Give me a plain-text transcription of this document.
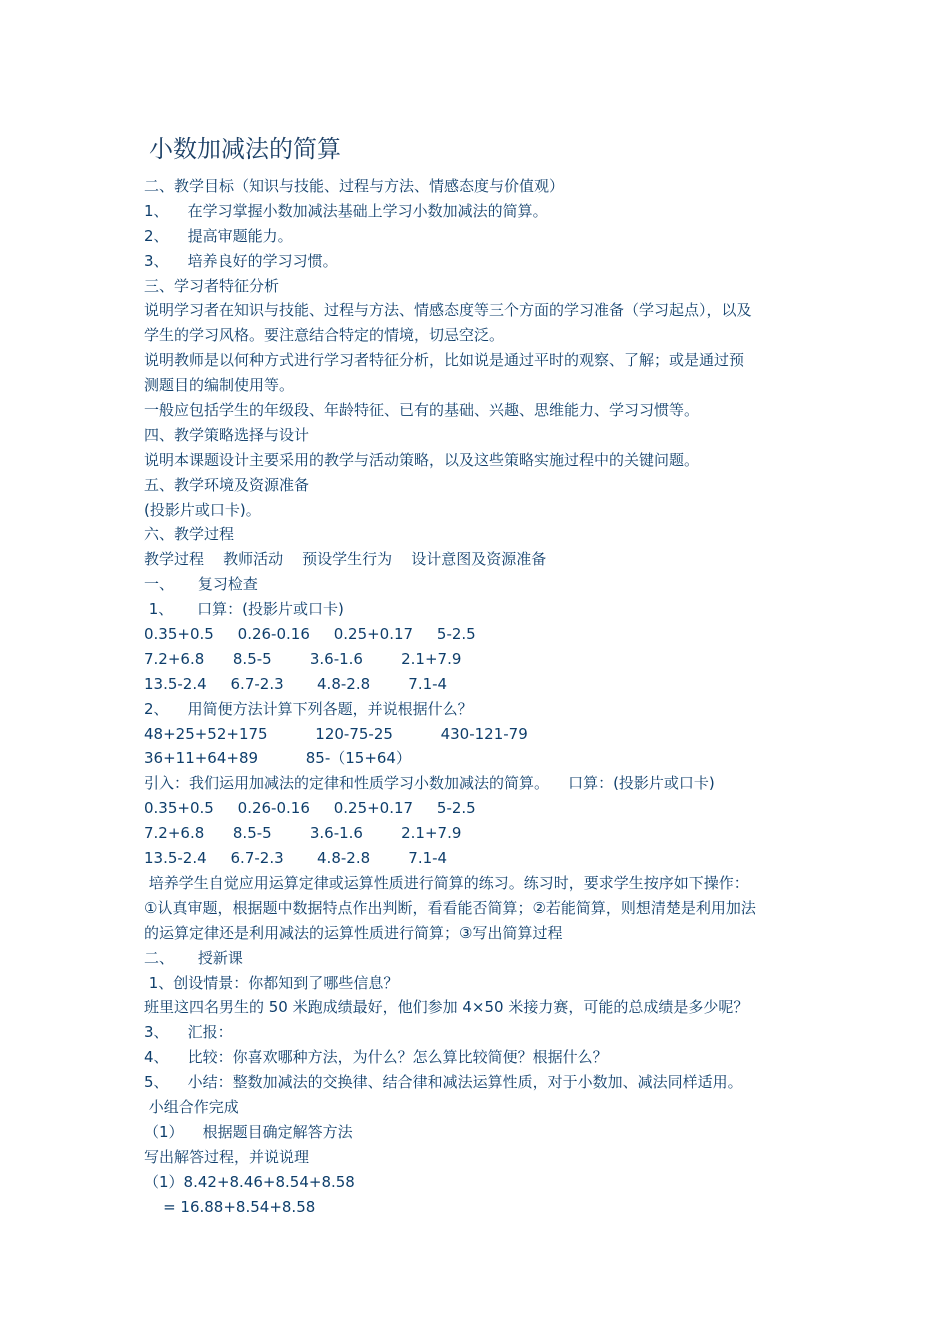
小数加减法的简算
二、教学目标（知识与技能、过程与方法、情感态度与价值观）
1、    在学习掌握小数加减法基础上学习小数加减法的简算。
2、    提高审题能力。
3、    培养良好的学习习惯。
三、学习者特征分析
说明学习者在知识与技能、过程与方法、情感态度等三个方面的学习准备（学习起点），以及
学生的学习风格。要注意结合特定的情境，切忌空泛。
说明教师是以何种方式进行学习者特征分析，比如说是通过平时的观察、了解；或是通过预
测题目的编制使用等。
一般应包括学生的年级段、年龄特征、已有的基础、兴趣、思维能力、学习习惯等。
四、教学策略选择与设计
说明本课题设计主要采用的教学与活动策略，以及这些策略实施过程中的关键问题。
五、教学环境及资源准备
(投影片或口卡)。
六、教学过程
教学过程    教师活动    预设学生行为    设计意图及资源准备
一、     复习检查
1、     口算：(投影片或口卡)
0.35+0.5     0.26-0.16     0.25+0.17     5-2.5
7.2+6.8      8.5-5        3.6-1.6        2.1+7.9
13.5-2.4     6.7-2.3       4.8-2.8        7.1-4
2、    用简便方法计算下列各题，并说根据什么？
48+25+52+175          120-75-25          430-121-79
36+11+64+89          85-（15+64）
引入：我们运用加减法的定律和性质学习小数加减法的简算。    口算：(投影片或口卡)
0.35+0.5     0.26-0.16     0.25+0.17     5-2.5
7.2+6.8      8.5-5        3.6-1.6        2.1+7.9
13.5-2.4     6.7-2.3       4.8-2.8        7.1-4
培养学生自觉应用运算定律或运算性质进行简算的练习。练习时，要求学生按序如下操作：
①认真审题，根据题中数据特点作出判断，看看能否简算；②若能简算，则想清楚是利用加法
的运算定律还是利用减法的运算性质进行简算；③写出简算过程
二、     授新课
1、创设情景：你都知到了哪些信息？
班里这四名男生的 50 米跑成绩最好，他们参加 4×50 米接力赛，可能的总成绩是多少呢？
3、    汇报：
4、    比较：你喜欢哪种方法，为什么？怎么算比较简便？根据什么？
5、    小结：整数加减法的交换律、结合律和减法运算性质，对于小数加、减法同样适用。
小组合作完成
（1）    根据题目确定解答方法
写出解答过程，并说说理
（1）8.42+8.46+8.54+8.58
= 16.88+8.54+8.58
